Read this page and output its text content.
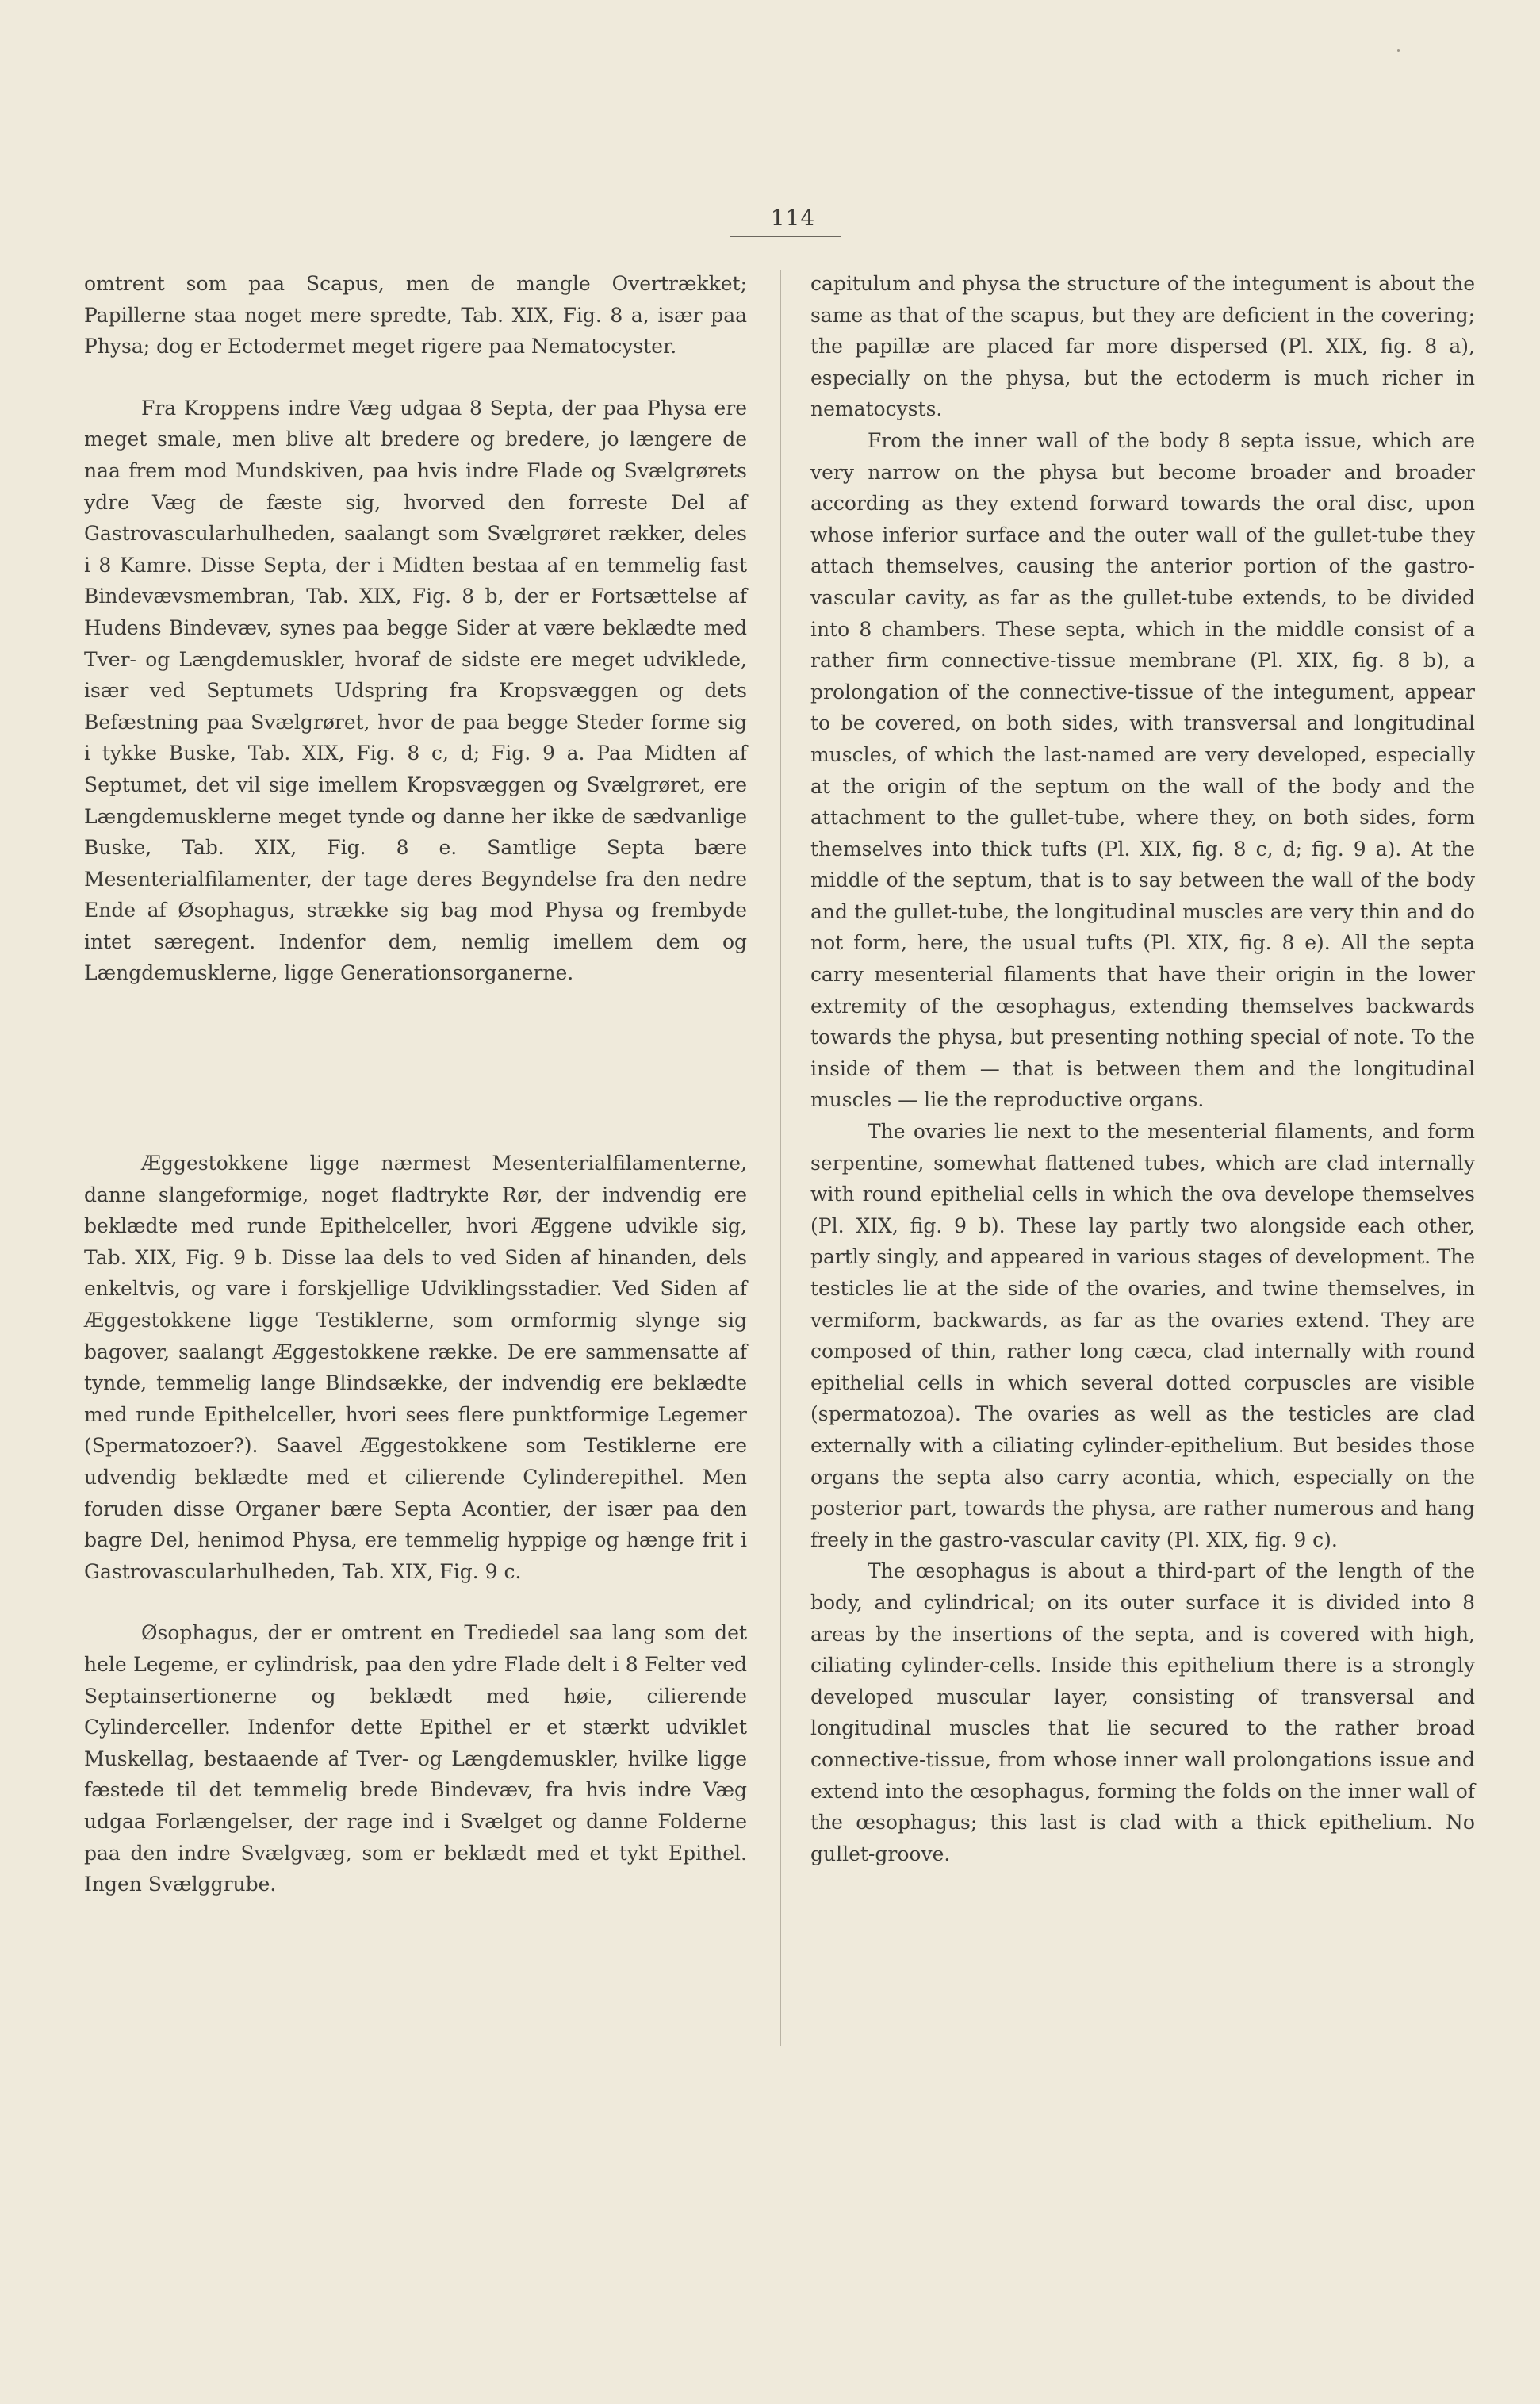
114

omtrent som paa Scapus, men de mangle Overtrækket; Papillerne staa noget mere spredte, Tab. XIX, Fig. 8 a, især paa Physa; dog er Ectodermet meget rigere paa Nematocyster.

Fra Kroppens indre Væg udgaa 8 Septa, der paa Physa ere meget smale, men blive alt bredere og bredere, jo længere de naa frem mod Mundskiven, paa hvis indre Flade og Svælgrørets ydre Væg de fæste sig, hvorved den forreste Del af Gastrovascularhulheden, saalangt som Svælgrøret rækker, deles i 8 Kamre. Disse Septa, der i Midten bestaa af en temmelig fast Bindevævsmembran, Tab. XIX, Fig. 8 b, der er Fortsættelse af Hudens Bindevæv, synes paa begge Sider at være beklædte med Tver- og Længdemuskler, hvoraf de sidste ere meget udviklede, især ved Septumets Udspring fra Kropsvæggen og dets Befæstning paa Svælgrøret, hvor de paa begge Steder forme sig i tykke Buske, Tab. XIX, Fig. 8 c, d; Fig. 9 a. Paa Midten af Septumet, det vil sige imellem Kropsvæggen og Svælgrøret, ere Længdemusklerne meget tynde og danne her ikke de sædvanlige Buske, Tab. XIX, Fig. 8 e. Samtlige Septa bære Mesenterialfilamenter, der tage deres Begyndelse fra den nedre Ende af Øsophagus, strække sig bag mod Physa og frembyde intet særegent. Indenfor dem, nemlig imellem dem og Længdemusklerne, ligge Generationsorganerne.

Æggestokkene ligge nærmest Mesenterialfilamenterne, danne slangeformige, noget fladtrykte Rør, der indvendig ere beklædte med runde Epithelceller, hvori Æggene udvikle sig, Tab. XIX, Fig. 9 b. Disse laa dels to ved Siden af hinanden, dels enkeltvis, og vare i forskjellige Udviklingsstadier. Ved Siden af Æggestokkene ligge Testiklerne, som ormformig slynge sig bagover, saalangt Æggestokkene række. De ere sammensatte af tynde, temmelig lange Blindsække, der indvendig ere beklædte med runde Epithelceller, hvori sees flere punktformige Legemer (Spermatozoer?). Saavel Æggestokkene som Testiklerne ere udvendig beklædte med et cilierende Cylinderepithel. Men foruden disse Organer bære Septa Acontier, der især paa den bagre Del, henimod Physa, ere temmelig hyppige og hænge frit i Gastrovascularhulheden, Tab. XIX, Fig. 9 c.

Øsophagus, der er omtrent en Trediedel saa lang som det hele Legeme, er cylindrisk, paa den ydre Flade delt i 8 Felter ved Septainsertionerne og beklædt med høie, cilierende Cylinderceller. Indenfor dette Epithel er et stærkt udviklet Muskellag, bestaaende af Tver- og Længdemuskler, hvilke ligge fæstede til det temmelig brede Bindevæv, fra hvis indre Væg udgaa Forlængelser, der rage ind i Svælget og danne Folderne paa den indre Svælgvæg, som er beklædt med et tykt Epithel. Ingen Svælggrube.

capitulum and physa the structure of the integument is about the same as that of the scapus, but they are deficient in the covering; the papillæ are placed far more dispersed (Pl. XIX, fig. 8 a), especially on the physa, but the ectoderm is much richer in nematocysts.

From the inner wall of the body 8 septa issue, which are very narrow on the physa but become broader and broader according as they extend forward towards the oral disc, upon whose inferior surface and the outer wall of the gullet-tube they attach themselves, causing the anterior portion of the gastro-vascular cavity, as far as the gullet-tube extends, to be divided into 8 chambers. These septa, which in the middle consist of a rather firm connective-tissue membrane (Pl. XIX, fig. 8 b), a prolongation of the connective-tissue of the integument, appear to be covered, on both sides, with transversal and longitudinal muscles, of which the last-named are very developed, especially at the origin of the septum on the wall of the body and the attachment to the gullet-tube, where they, on both sides, form themselves into thick tufts (Pl. XIX, fig. 8 c, d; fig. 9 a). At the middle of the septum, that is to say between the wall of the body and the gullet-tube, the longitudinal muscles are very thin and do not form, here, the usual tufts (Pl. XIX, fig. 8 e). All the septa carry mesenterial filaments that have their origin in the lower extremity of the œsophagus, extending themselves backwards towards the physa, but presenting nothing special of note. To the inside of them — that is between them and the longitudinal muscles — lie the reproductive organs.

The ovaries lie next to the mesenterial filaments, and form serpentine, somewhat flattened tubes, which are clad internally with round epithelial cells in which the ova develope themselves (Pl. XIX, fig. 9 b). These lay partly two alongside each other, partly singly, and appeared in various stages of development. The testicles lie at the side of the ovaries, and twine themselves, in vermiform, backwards, as far as the ovaries extend. They are composed of thin, rather long cæca, clad internally with round epithelial cells in which several dotted corpuscles are visible (spermatozoa). The ovaries as well as the testicles are clad externally with a ciliating cylinder-epithelium. But besides those organs the septa also carry acontia, which, especially on the posterior part, towards the physa, are rather numerous and hang freely in the gastro-vascular cavity (Pl. XIX, fig. 9 c).

The œsophagus is about a third-part of the length of the body, and cylindrical; on its outer surface it is divided into 8 areas by the insertions of the septa, and is covered with high, ciliating cylinder-cells. Inside this epithelium there is a strongly developed muscular layer, consisting of transversal and longitudinal muscles that lie secured to the rather broad connective-tissue, from whose inner wall prolongations issue and extend into the œsophagus, forming the folds on the inner wall of the œsophagus; this last is clad with a thick epithelium. No gullet-groove.
